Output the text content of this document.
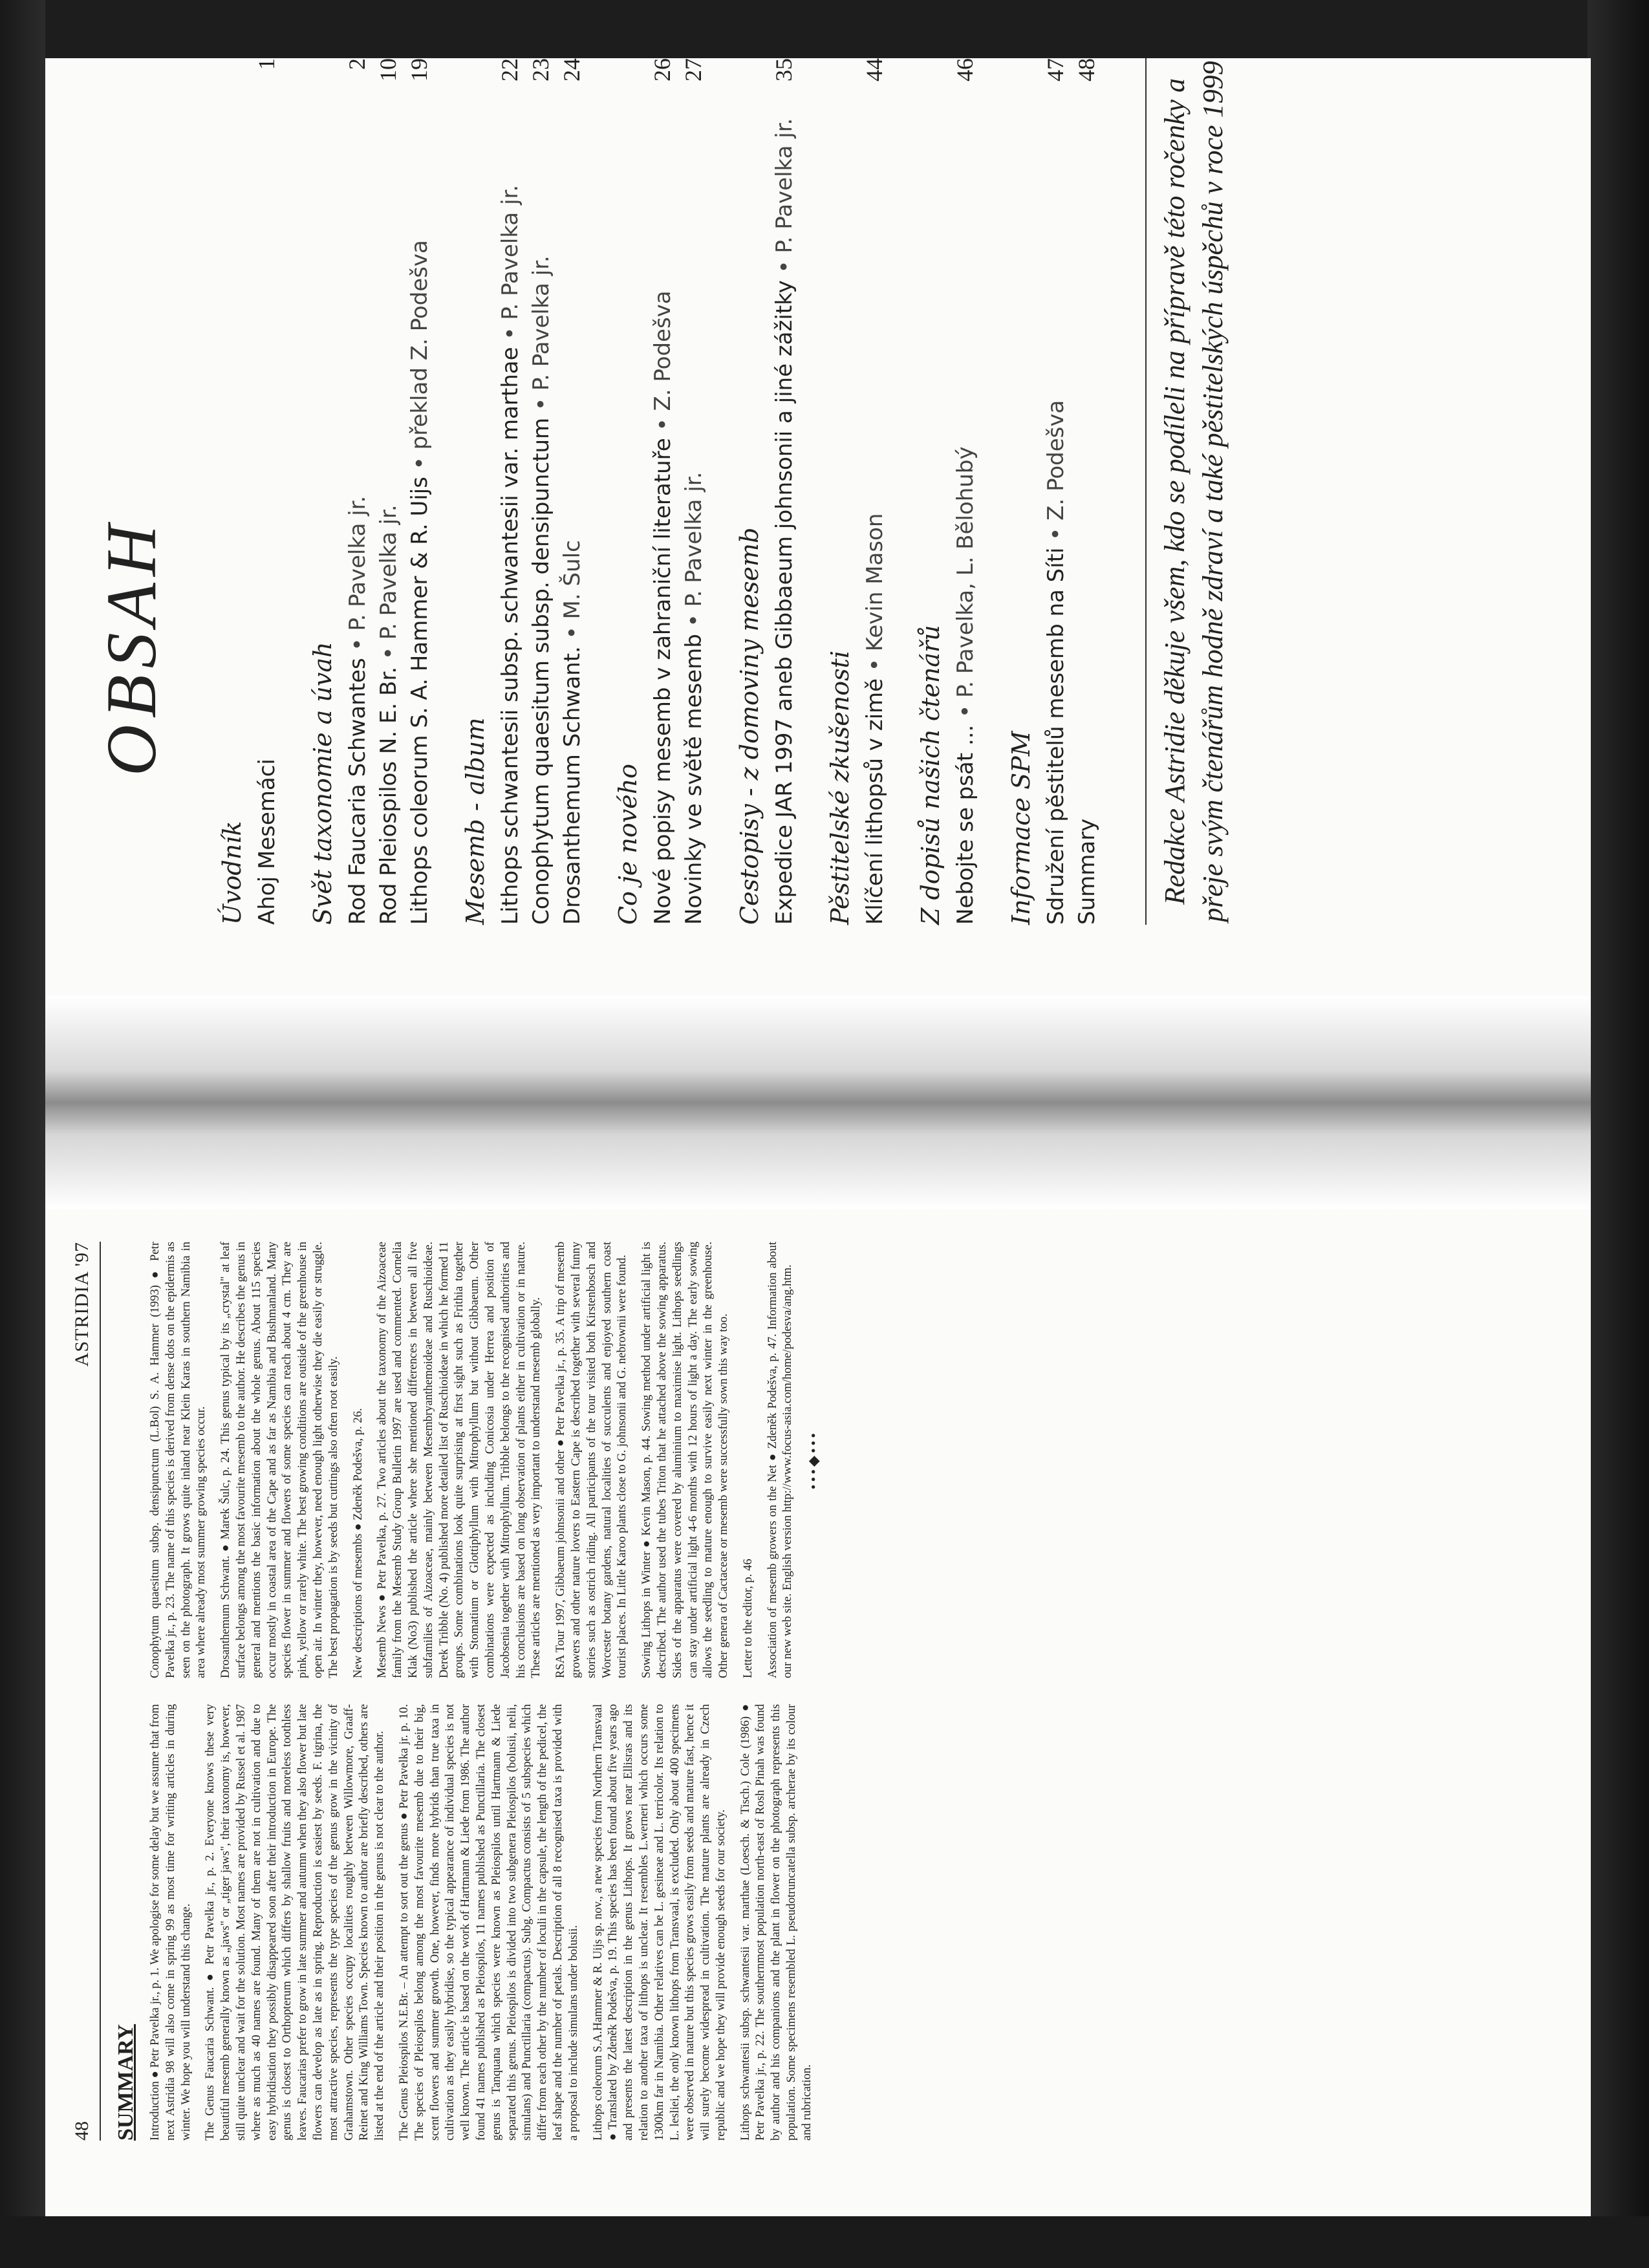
48
ASTRIDIA '97
SUMMARY Introduction ● Petr Pavelka jr., p. 1. We apologise for some delay but we assume that from next Astridia 98 will also come in spring 99 as most time for writing articles in during winter. We hope you will understand this change. The Genus Faucaria Schwant. ● Petr Pavelka jr., p. 2. Everyone knows these very beautiful mesemb generally known as „jaws" or „tiger jaws", their taxonomy is, however, still quite unclear and wait for the solution. Most names are provided by Russel et al. 1987 where as much as 40 names are found. Many of them are not in cultivation and due to easy hybridisation they possibly disappeared soon after their introduction in Europe. The genus is closest to Orthopterum which differs by shallow fruits and moreless toothless leaves. Faucarias prefer to grow in late summer and autumn when they also flower but late flowers can develop as late as in spring. Reproduction is easiest by seeds. F. tigrina, the most attractive species, represents the type species of the genus grow in the vicinity of Grahamstown. Other species occupy localities roughly between Willowmore, Graaff-Reinet and King Williams Town. Species known to author are briefly described, others are listed at the end of the article and their position in the genus is not clear to the author. The Genus Pleiospilos N.E.Br. – An attempt to sort out the genus ● Petr Pavelka jr. p. 10. The species of Pleiospilos belong among the most favourite mesemb due to their big, scent flowers and summer growth. One, however, finds more hybrids than true taxa in cultivation as they easily hybridise, so the typical appearance of individual species is not well known. The article is based on the work of Hartmann & Liede from 1986. The author found 41 names published as Pleiospilos, 11 names published as Punctillaria. The closest genus is Tanquana which species were known as Pleiospilos until Hartmann & Liede separated this genus. Pleiospilos is divided into two subgenera Pleiospilos (bolusii, nelii, simulans) and Punctillaria (compactus). Subg. Compactus consists of 5 subspecies which differ from each other by the number of loculi in the capsule, the length of the pedicel, the leaf shape and the number of petals. Description of all 8 recognised taxa is provided with a proposal to include simulans under bolusii. Lithops coleorum S.A.Hammer & R. Uijs sp. nov., a new species from Northern Transvaal ● Translated by Zdeněk Podešva, p. 19. This species has been found about five years ago and presents the latest description in the genus Lithops. It grows near Ellisras and its relation to another taxa of lithops is unclear. It resembles L.werneri which occurs some 1300km far in Namibia. Other relatives can be L. gesineae and L. terricolor. Its relation to L. lesliei, the only known lithops from Transvaal, is excluded. Only about 400 specimens were observed in nature but this species grows easily from seeds and mature fast, hence it will surely become widespread in cultivation. The mature plants are already in Czech republic and we hope they will provide enough seeds for our society. Lithops schwantesii subsp. schwantesii var. marthae (Loesch. & Tisch.) Cole (1986) ● Petr Pavelka jr., p. 22. The southernmost population north-east of Rosh Pinah was found by author and his companions and the plant in flower on the photograph represents this population. Some specimens resembled L. pseudotruncatella subsp. archerae by its colour and rubrication.

Conophytum quaesitum subsp. densipunctum (L.Bol) S. A. Hammer (1993) ● Petr Pavelka jr., p. 23. The name of this species is derived from dense dots on the epidermis as seen on the photograph. It grows quite inland near Klein Karas in southern Namibia in area where already most summer growing species occur. Drosanthemum Schwant. ● Marek Šulc, p. 24. This genus typical by its „crystal" at leaf surface belongs among the most favourite mesemb to the author. He describes the genus in general and mentions the basic information about the whole genus. About 115 species occur mostly in coastal area of the Cape and as far as Namibia and Bushmanland. Many species flower in summer and flowers of some species can reach about 4 cm. They are pink, yellow or rarely white. The best growing conditions are outside of the greenhouse in open air. In winter they, however, need enough light otherwise they die easily or struggle. The best propagation is by seeds but cuttings also often root easily. New descriptions of mesembs ● Zdeněk Podešva, p. 26. Mesemb News ● Petr Pavelka, p. 27. Two articles about the taxonomy of the Aizoaceae family from the Mesemb Study Group Bulletin 1997 are used and commented. Cornelia Klak (No3) published the article where she mentioned differences in between all five subfamilies of Aizoaceae, mainly between Mesembryanthemoideae and Ruschioideae. Derek Tribble (No. 4) published more detailed list of Ruschioideae in which he formed 11 groups. Some combinations look quite surprising at first sight such as Frithia together with Stomatium or Glottiphyllum with Mitrophyllum but without Gibbaeum. Other combinations were expected as including Conicosia under Herrea and position of Jacobsenia together with Mitrophyllum. Tribble belongs to the recognised authorities and his conclusions are based on long observation of plants either in cultivation or in nature. These articles are mentioned as very important to understand mesemb globally. RSA Tour 1997, Gibbaeum johnsonii and other ● Petr Pavelka jr., p. 35. A trip of mesemb growers and other nature lovers to Eastern Cape is described together with several funny stories such as ostrich riding. All participants of the tour visited both Kirstenbosch and Worcester botany gardens, natural localities of succulents and enjoyed southern coast tourist places. In Little Karoo plants close to G. johnsonii and G. nebrownii were found. Sowing Lithops in Winter ● Kevin Mason, p. 44. Sowing method under artificial light is described. The author used the tubes Triton that he attached above the sowing apparatus. Sides of the apparatus were covered by aluminium to maximise light. Lithops seedlings can stay under artificial light 4-6 months with 12 hours of light a day. The early sowing allows the seedling to mature enough to survive easily next winter in the greenhouse. Other genera of Cactaceae or mesemb were successfully sown this way too. Letter to the editor, p. 46 Association of mesemb growers on the Net ● Zdeněk Podešva, p. 47. Information about our new web site. English version http://www.focus-asia.com/home/podesva/ang.htm. •••◆•••
OBSAH
Úvodník Ahoj Mesemáci
1
Svět taxonomie a úvah Rod Faucaria Schwantes • P. Pavelka jr.
2
Rod Pleiospilos N. E. Br. • P. Pavelka jr.
10
Lithops coleorum S. A. Hammer & R. Uijs • překlad Z. Podešva
19
Mesemb - album Lithops schwantesii subsp. schwantesii var. marthae • P. Pavelka jr.
22
Conophytum quaesitum subsp. densipunctum • P. Pavelka jr.
23
Drosanthemum Schwant. • M. Šulc
24
Co je nového Nové popisy mesemb v zahraniční literatuře • Z. Podešva
26
Novinky ve světě mesemb • P. Pavelka jr.
27
Cestopisy - z domoviny mesemb Expedice JAR 1997 aneb Gibbaeum johnsonii a jiné zážitky • P. Pavelka jr.
35
Pěstitelské zkušenosti Klíčení lithopsů v zimě • Kevin Mason
44
Z dopisů našich čtenářů Nebojte se psát ... • P. Pavelka, L. Bělohubý
46
Informace SPM Sdružení pěstitelů mesemb na Síti • Z. Podešva
47
Summary
48
Redakce Astridie děkuje všem, kdo se podíleli na přípravě této ročenky a přeje svým čtenářům hodně zdraví a také pěstitelských úspěchů v roce 1999
